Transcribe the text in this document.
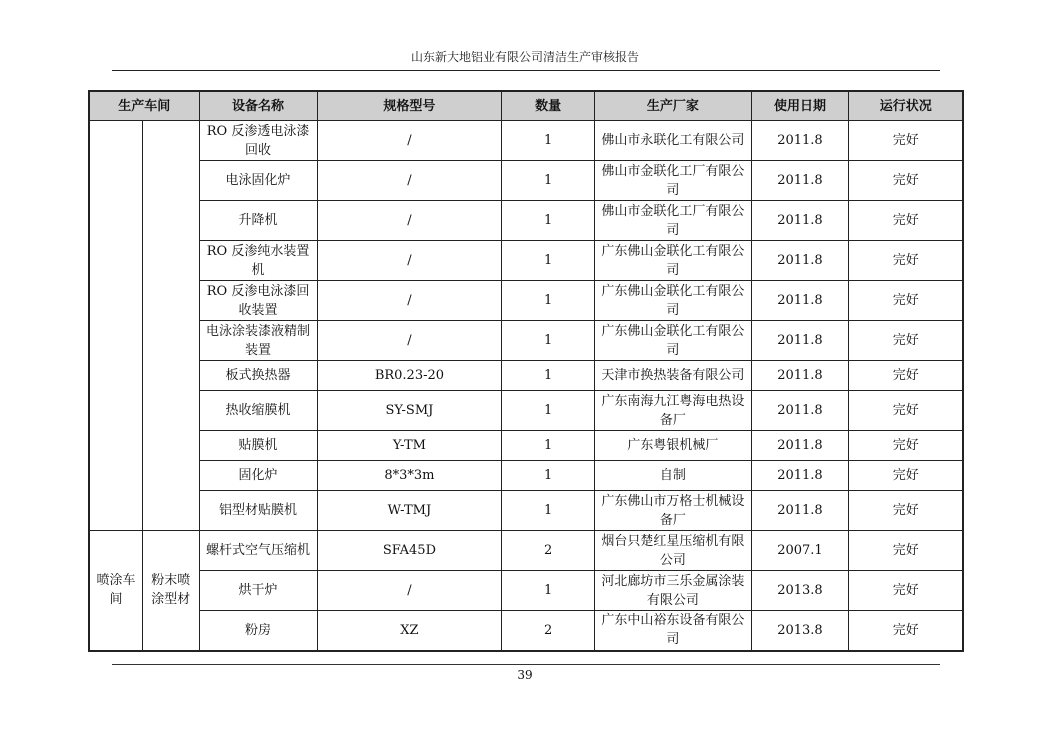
山东新大地铝业有限公司清洁生产审核报告
生产车间		设备名称	规格型号	数量	生产厂家	使用日期	运行状况
		RO 反渗透电泳漆回收	/	1	佛山市永联化工有限公司	2011.8	完好
		电泳固化炉	/	1	佛山市金联化工厂有限公司	2011.8	完好
		升降机	/	1	佛山市金联化工厂有限公司	2011.8	完好
		RO 反渗纯水装置机	/	1	广东佛山金联化工有限公司	2011.8	完好
		RO 反渗电泳漆回收装置	/	1	广东佛山金联化工有限公司	2011.8	完好
		电泳涂装漆液精制装置	/	1	广东佛山金联化工有限公司	2011.8	完好
		板式换热器	BR0.23-20	1	天津市换热装备有限公司	2011.8	完好
		热收缩膜机	SY-SMJ	1	广东南海九江粤海电热设备厂	2011.8	完好
		贴膜机	Y-TM	1	广东粤银机械厂	2011.8	完好
		固化炉	8*3*3m	1	自制	2011.8	完好
		铝型材贴膜机	W-TMJ	1	广东佛山市万格士机械设备厂	2011.8	完好
喷涂车间	粉末喷涂型材	螺杆式空气压缩机	SFA45D	2	烟台只楚红星压缩机有限公司	2007.1	完好
		烘干炉	/	1	河北廊坊市三乐金属涂装有限公司	2013.8	完好
		粉房	XZ	2	广东中山裕东设备有限公司	2013.8	完好
39
